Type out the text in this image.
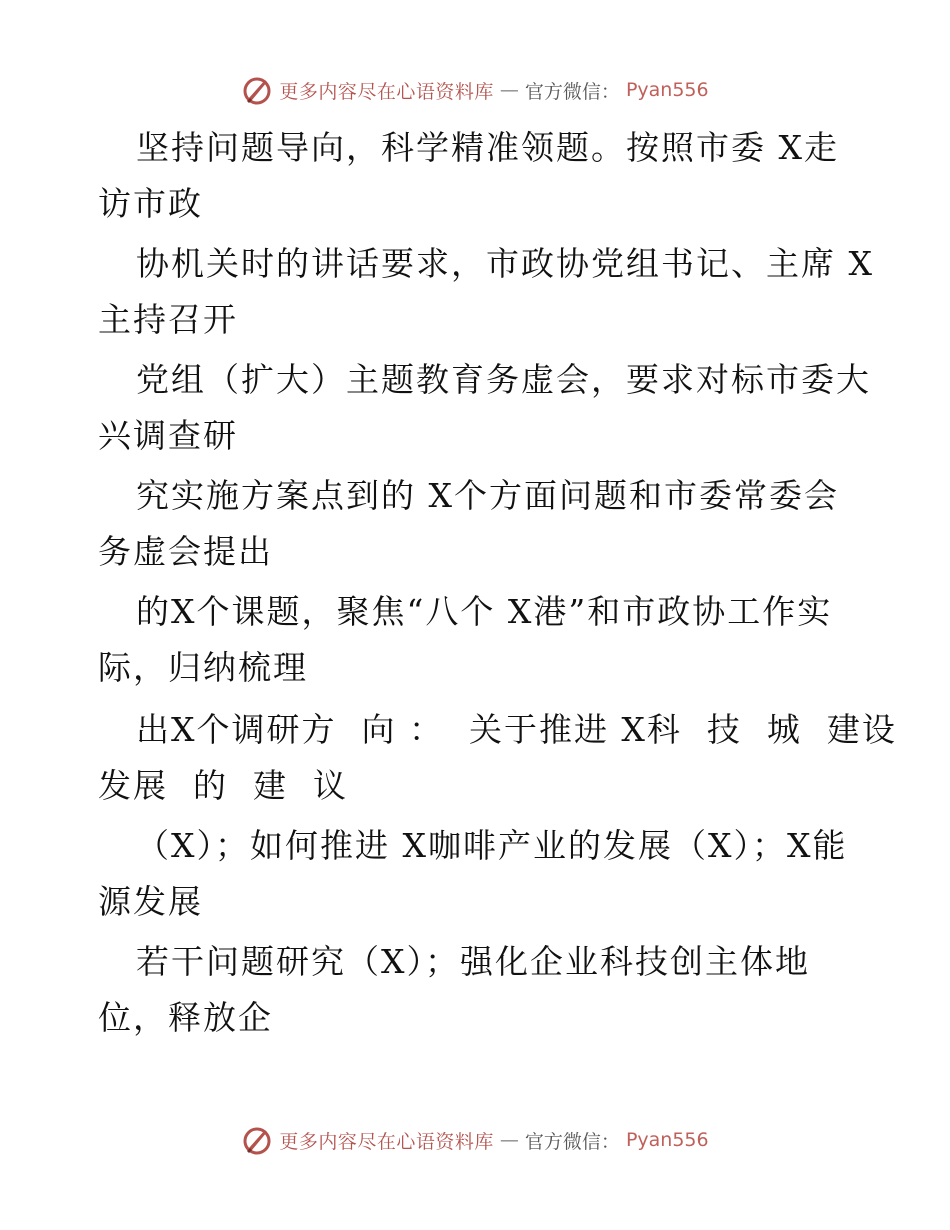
更多内容尽在心语资料库 — 官方微信： Pyan556
坚持问题导向，科学精准领题。按照市委 X走
访市政
协机关时的讲话要求，市政协党组书记、主席 X
主持召开
党组（扩大）主题教育务虚会，要求对标市委大
兴调查研
究实施方案点到的 X个方面问题和市委常委会
务虚会提出
的X个课题，聚焦“八个 X港”和市政协工作实
际，归纳梳理
出X个调研方  向 ：  关于推进 X科  技  城  建设
发展  的  建  议
（X）；如何推进 X咖啡产业的发展（X）；X能
源发展
若干问题研究（X）；强化企业科技创主体地
位，释放企
更多内容尽在心语资料库 — 官方微信： Pyan556
